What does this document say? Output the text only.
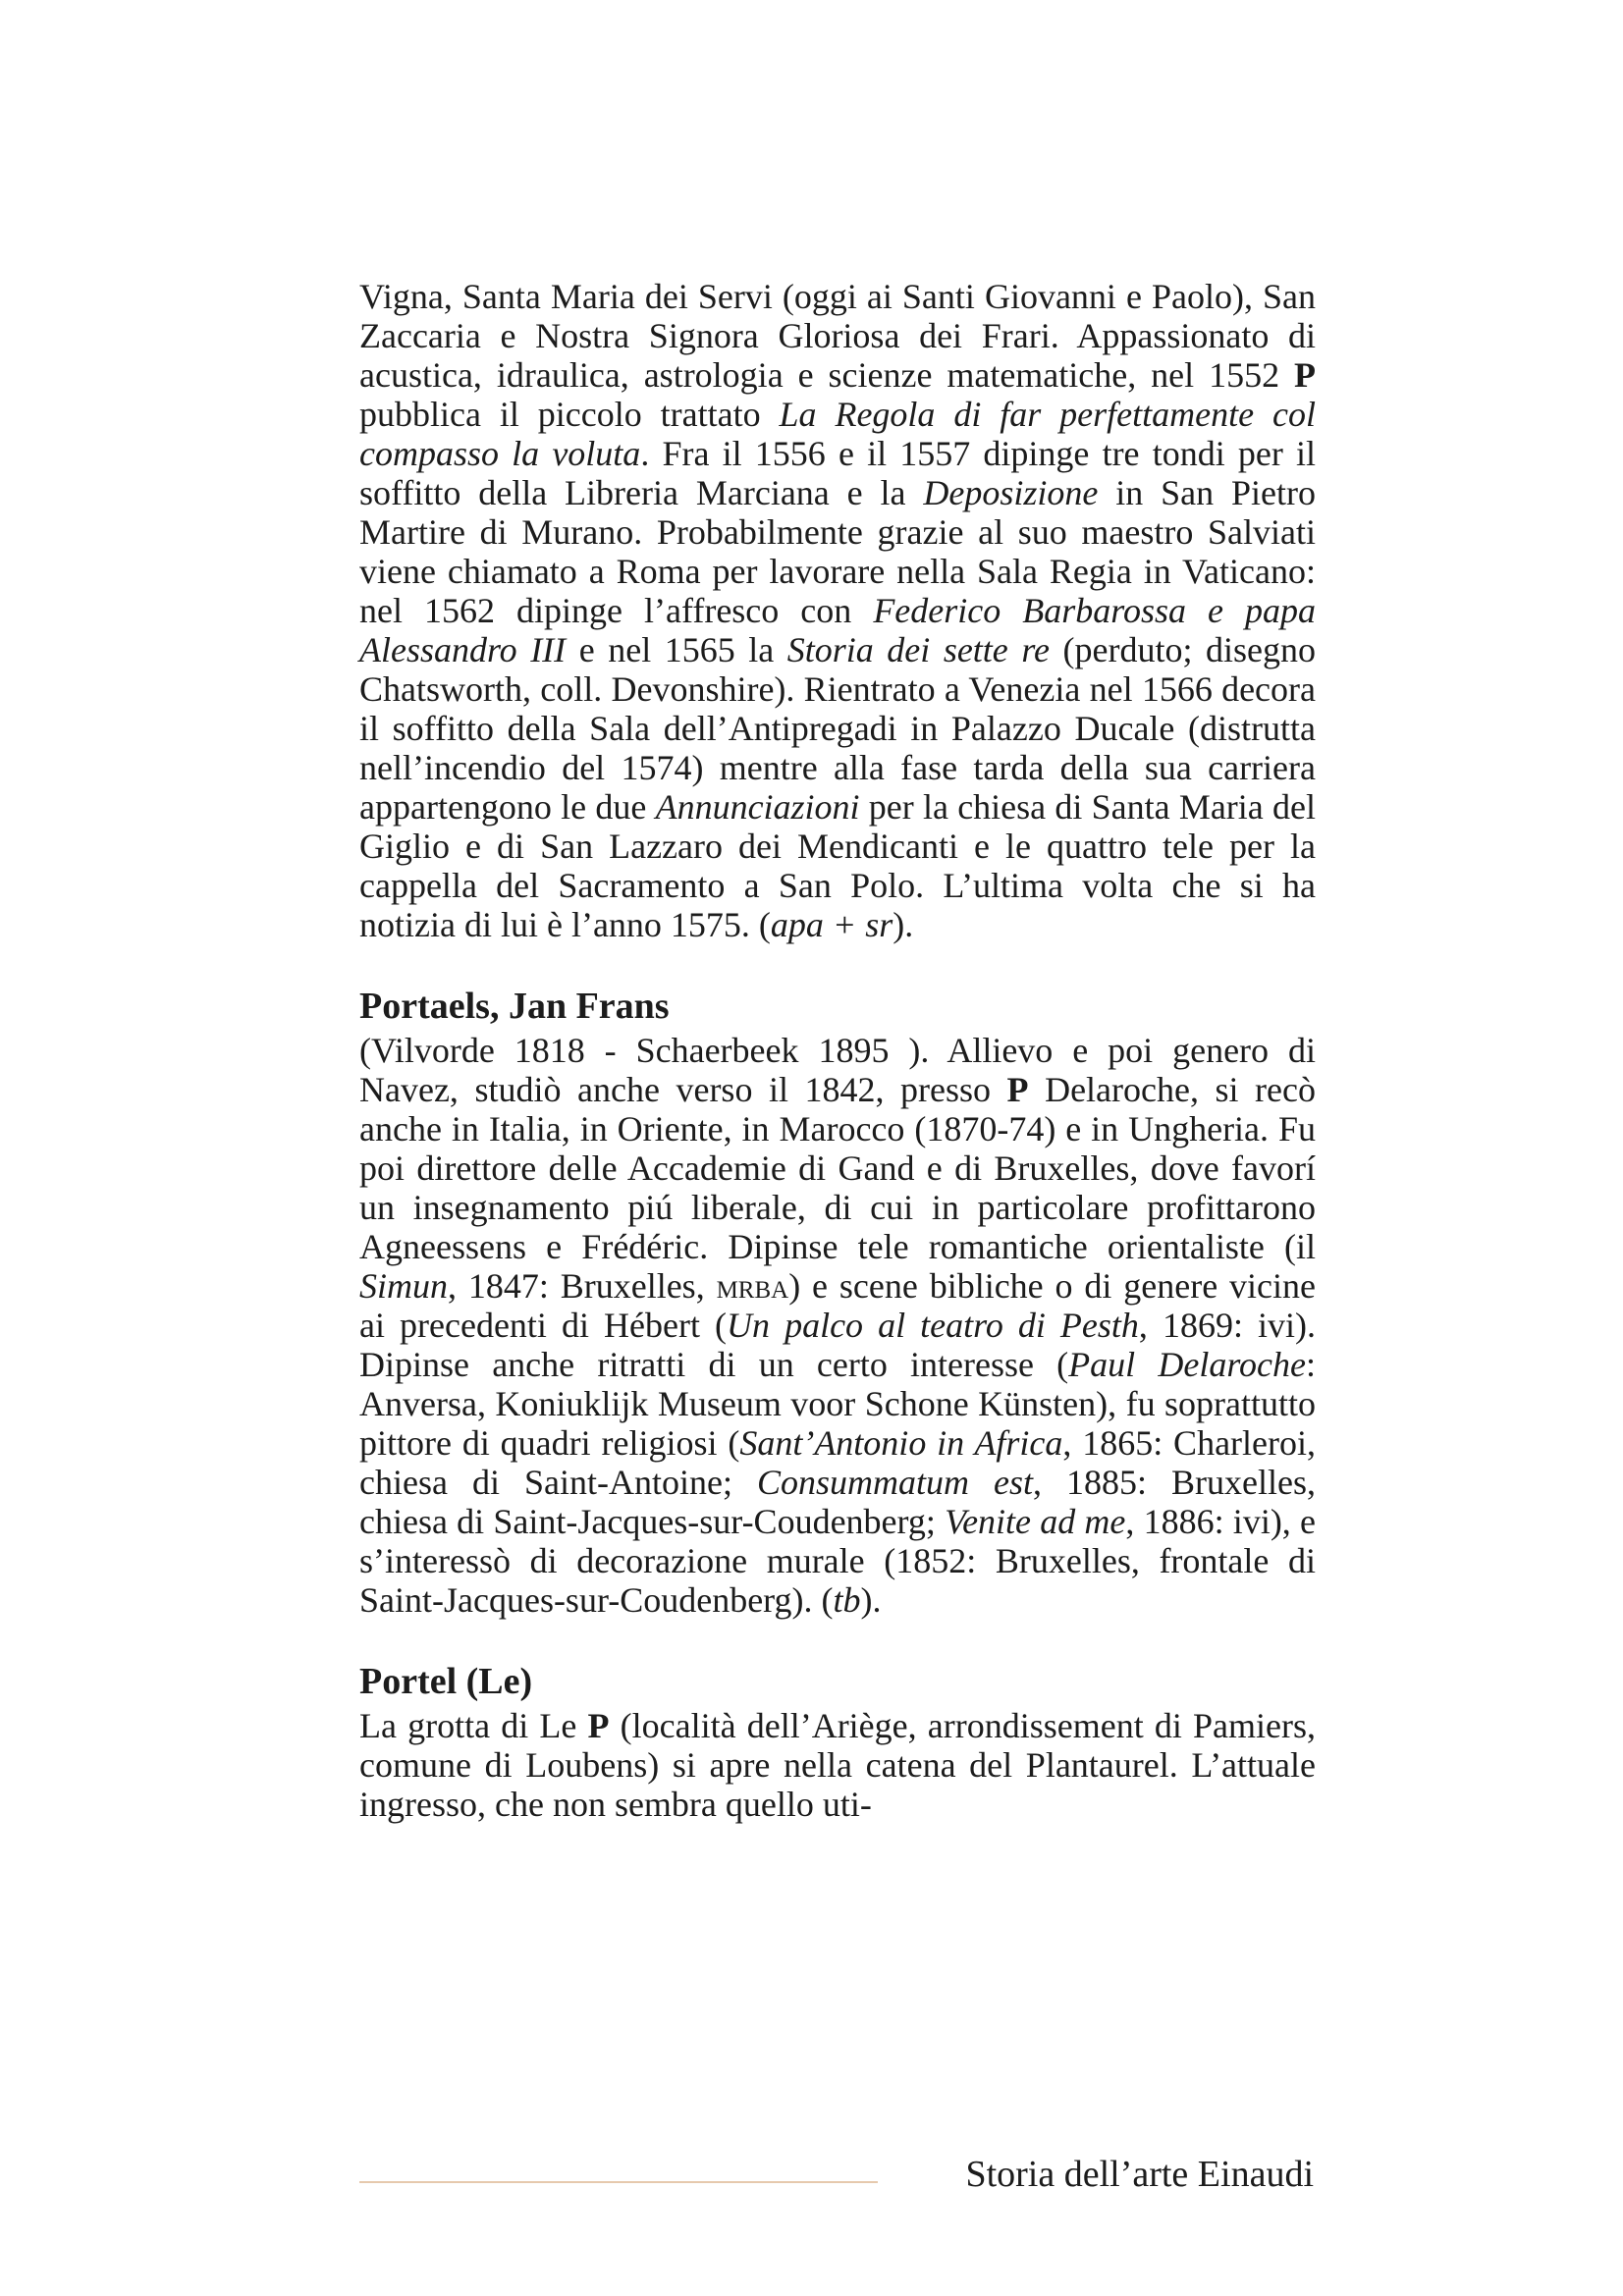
Vigna, Santa Maria dei Servi (oggi ai Santi Giovanni e Paolo), San Zaccaria e Nostra Signora Gloriosa dei Frari. Appassionato di acustica, idraulica, astrologia e scienze matematiche, nel 1552 P pubblica il piccolo trattato La Regola di far perfettamente col compasso la voluta. Fra il 1556 e il 1557 dipinge tre tondi per il soffitto della Libreria Marciana e la Deposizione in San Pietro Martire di Murano. Probabilmente grazie al suo maestro Salviati viene chiamato a Roma per lavorare nella Sala Regia in Vaticano: nel 1562 dipinge l’affresco con Federico Barbarossa e papa Alessandro III e nel 1565 la Storia dei sette re (perduto; disegno Chatsworth, coll. Devonshire). Rientrato a Venezia nel 1566 decora il soffitto della Sala dell’Antipregadi in Palazzo Ducale (distrutta nell’incendio del 1574) mentre alla fase tarda della sua carriera appartengono le due Annunciazioni per la chiesa di Santa Maria del Giglio e di San Lazzaro dei Mendicanti e le quattro tele per la cappella del Sacramento a San Polo. L’ultima volta che si ha notizia di lui è l’anno 1575. (apa + sr).

Portaels, Jan Frans

(Vilvorde 1818 - Schaerbeek 1895 ). Allievo e poi genero di Navez, studiò anche verso il 1842, presso P Delaroche, si recò anche in Italia, in Oriente, in Marocco (1870-74) e in Ungheria. Fu poi direttore delle Accademie di Gand e di Bruxelles, dove favorí un insegnamento piú liberale, di cui in particolare profittarono Agneessens e Frédéric. Dipinse tele romantiche orientaliste (il Simun, 1847: Bruxelles, mrba) e scene bibliche o di genere vicine ai precedenti di Hébert (Un palco al teatro di Pesth, 1869: ivi). Dipinse anche ritratti di un certo interesse (Paul Delaroche: Anversa, Koniuklijk Museum voor Schone Künsten), fu soprattutto pittore di quadri religiosi (Sant’Antonio in Africa, 1865: Charleroi, chiesa di Saint-Antoine; Consummatum est, 1885: Bruxelles, chiesa di Saint-Jacques-sur-Coudenberg; Venite ad me, 1886: ivi), e s’interessò di decorazione murale (1852: Bruxelles, frontale di Saint-Jacques-sur-Coudenberg). (tb).

Portel (Le)

La grotta di Le P (località dell’Ariège, arrondissement di Pamiers, comune di Loubens) si apre nella catena del Plantaurel. L’attuale ingresso, che non sembra quello uti-

Storia dell’arte Einaudi
